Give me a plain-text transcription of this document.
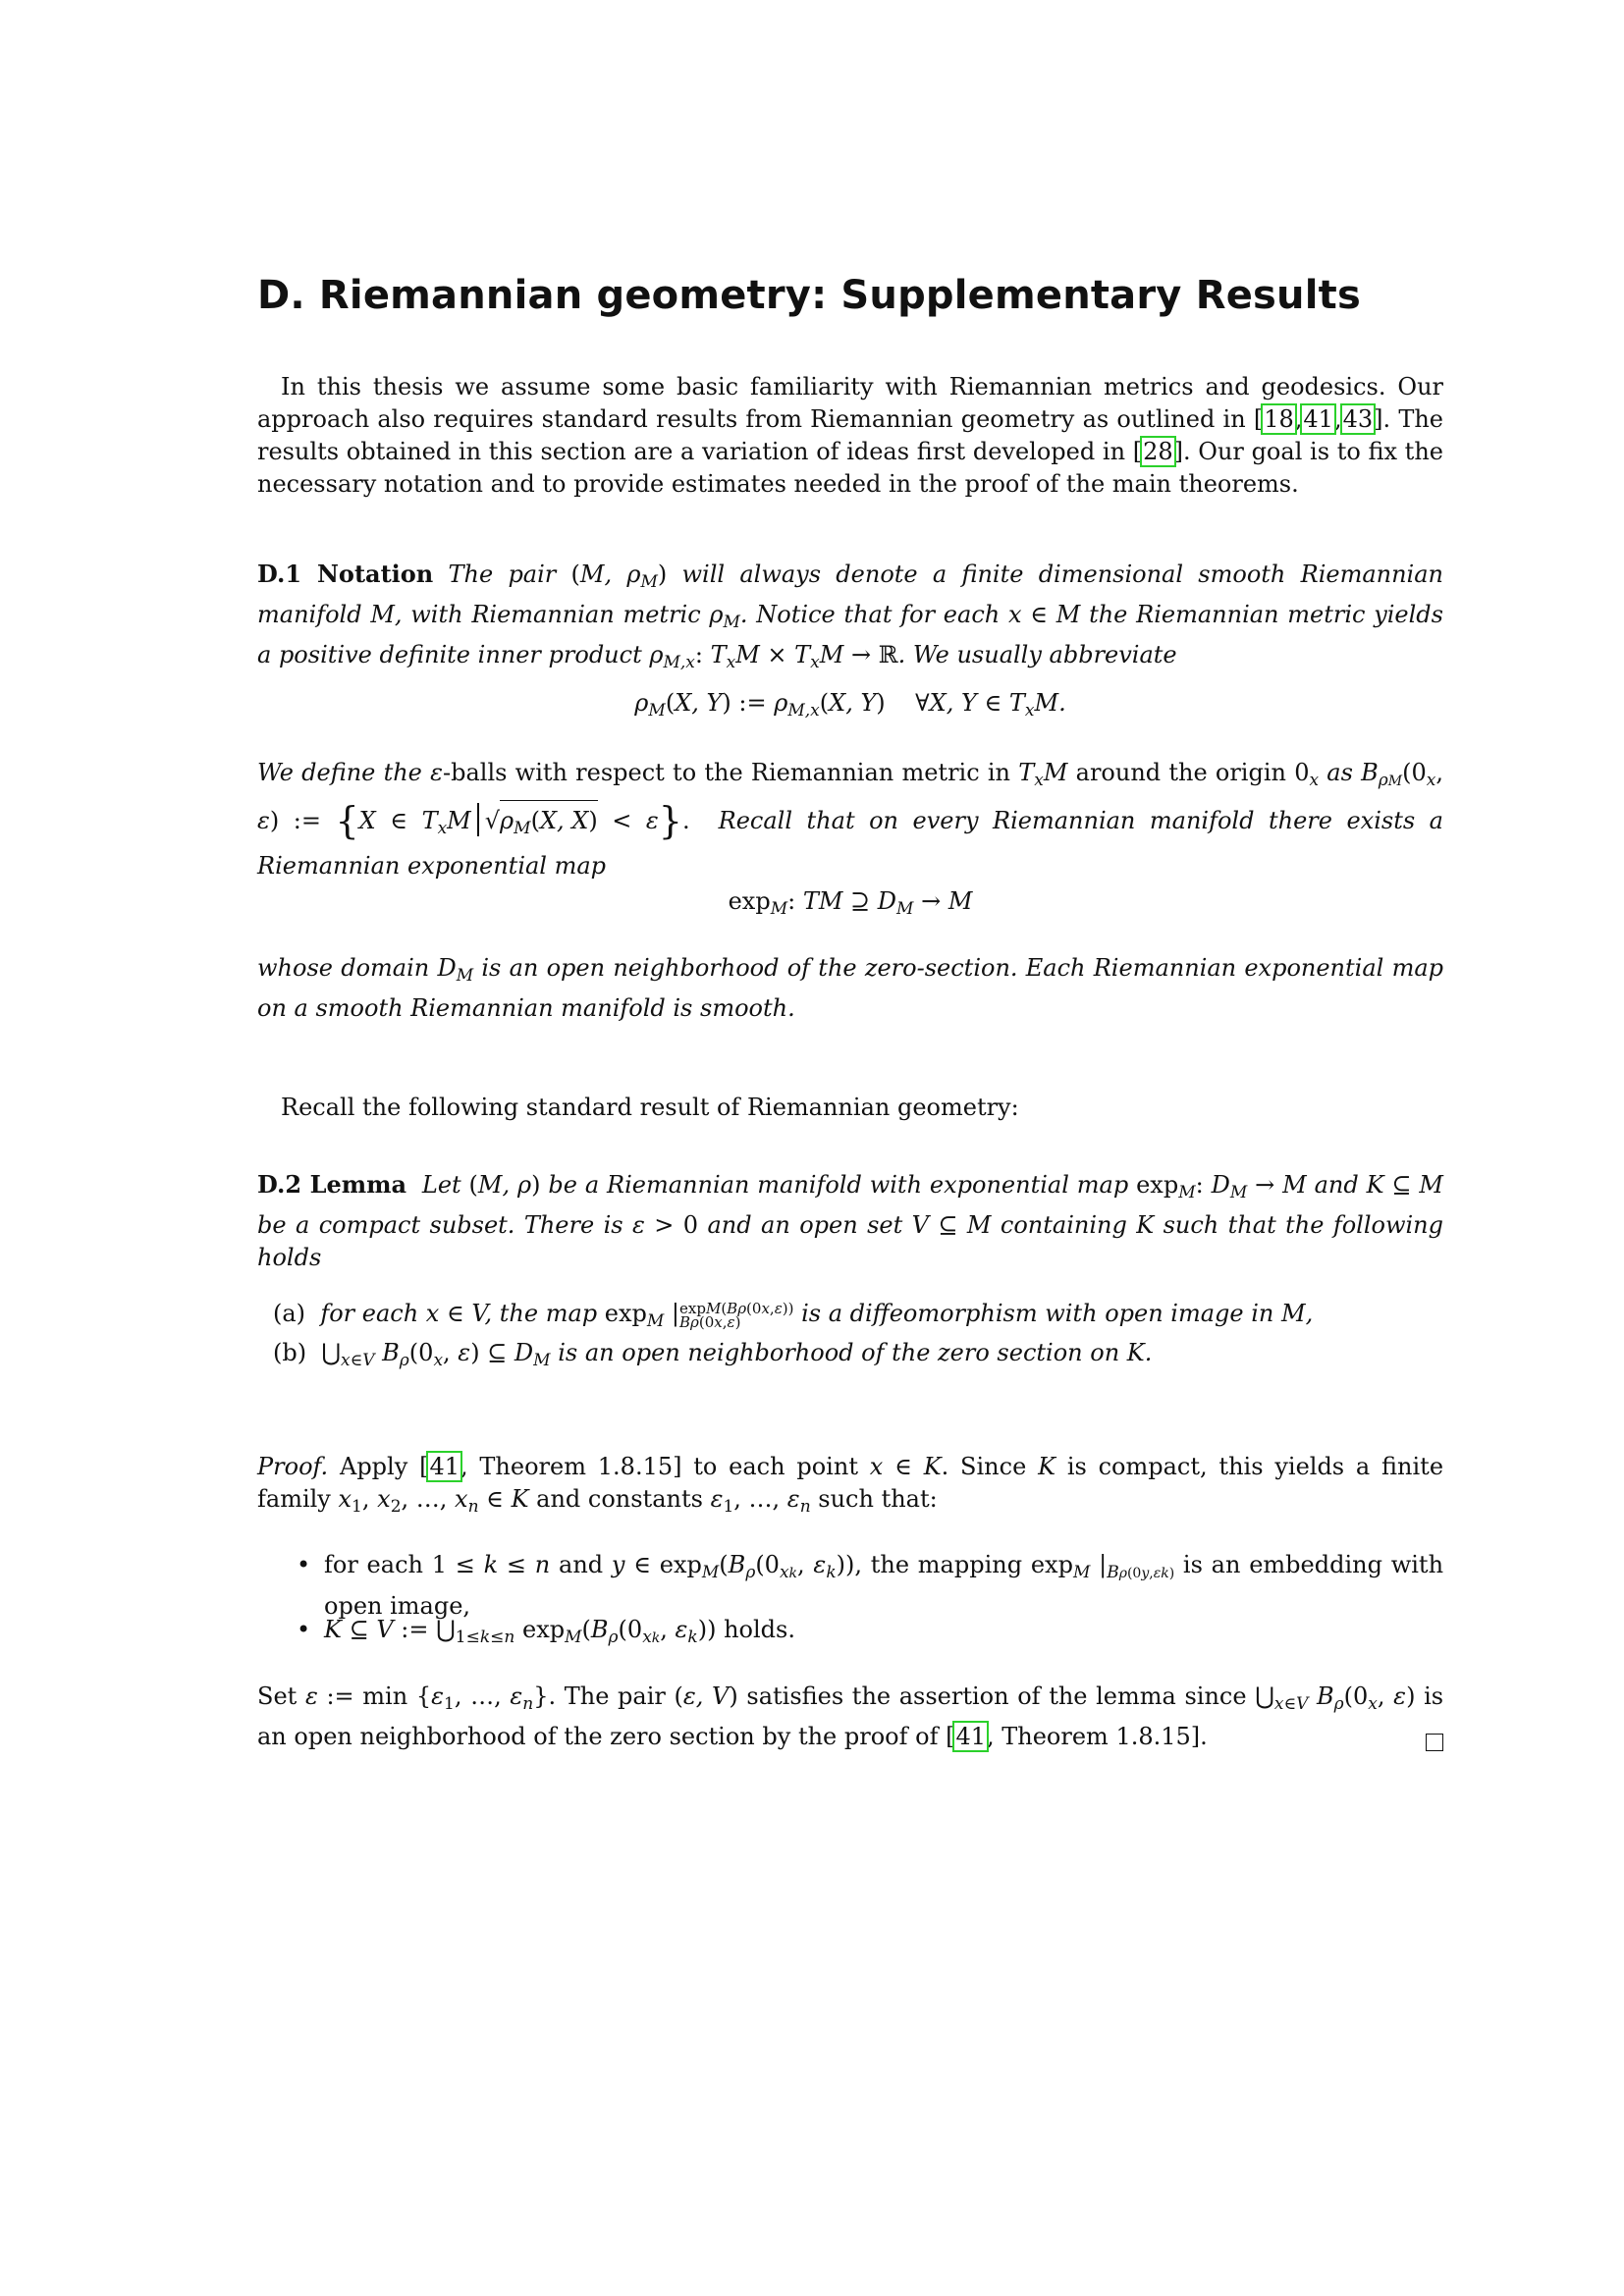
D. Riemannian geometry: Supplementary Results
In this thesis we assume some basic familiarity with Riemannian metrics and geodesics. Our approach also requires standard results from Riemannian geometry as outlined in [18,41,43]. The results obtained in this section are a variation of ideas first developed in [28]. Our goal is to fix the necessary notation and to provide estimates needed in the proof of the main theorems.
D.1 Notation The pair (M, $\rho_M$) will always denote a finite dimensional smooth Riemannian manifold M, with Riemannian metric $\rho_M$. Notice that for each x ∈ M the Riemannian metric yields a positive definite inner product $\rho_{M,x}$: $T_xM \times T_xM$ → ℝ. We usually abbreviate
$\rho_M(X$, Y) := $\rho_{M,x}(X$, Y)    ∀X, Y ∈ $T_xM$.
We define the ε-balls with respect to the Riemannian metric in $T_xM$ around the origin $0_x$ as $B_{\rho M}(0_x$, ε) := {X ∈ $T_xM$ $√\rho_M(X$, X) < ε}.  Recall that on every Riemannian manifold there exists a Riemannian exponential map
$\exp_M$: TM ⊇ $D_M \to M$
whose domain $D_M$ is an open neighborhood of the zero-section. Each Riemannian exponential map on a smooth Riemannian manifold is smooth.
Recall the following standard result of Riemannian geometry:
D.2 Lemma Let (M, ρ) be a Riemannian manifold with exponential map $\exp_M$: $D_M \to M$ and K ⊆ M be a compact subset. There is ε > 0 and an open set V ⊆ M containing K such that the following holds
(a) for each x ∈ V, the map $\exp_M |\exp M(B\rho(0x,\varepsilon))$
Bρ(0x,ε)	is a diffeomorphism with open image in M,
(b)  $⋃_{x\in V}$ $B_\rho(0_x$, ε) ⊆ $D_M$ is an open neighborhood of the zero section on K.
Proof. Apply [41, Theorem 1.8.15] to each point x ∈ K. Since K is compact, this yields a finite family $x_1$, $x_2$, …, $x_n$ ∈ K and constants $\varepsilon_1$, …, $\varepsilon_n$ such that:
• for each 1 ≤ k ≤ n and y ∈ $\exp_M(B_\rho(0_{xk}$, $\varepsilon_k$)), the mapping $\exp_M |_{B\rho(0y,\varepsilon k)}$ is an embedding with open image,
• K ⊆ V := $⋃_{1\le k\le n}$ $\exp_M(B_\rho(0_{xk}$, $\varepsilon_k$)) holds.
Set ε := $\min \{\varepsilon_1$, …, $\varepsilon_n$}. The pair (ε, V) satisfies the assertion of the lemma since $⋃_{x\in V}$ $B_\rho(0_x$, ε) is an open neighborhood of the zero section by the proof of [41, Theorem 1.8.15].
